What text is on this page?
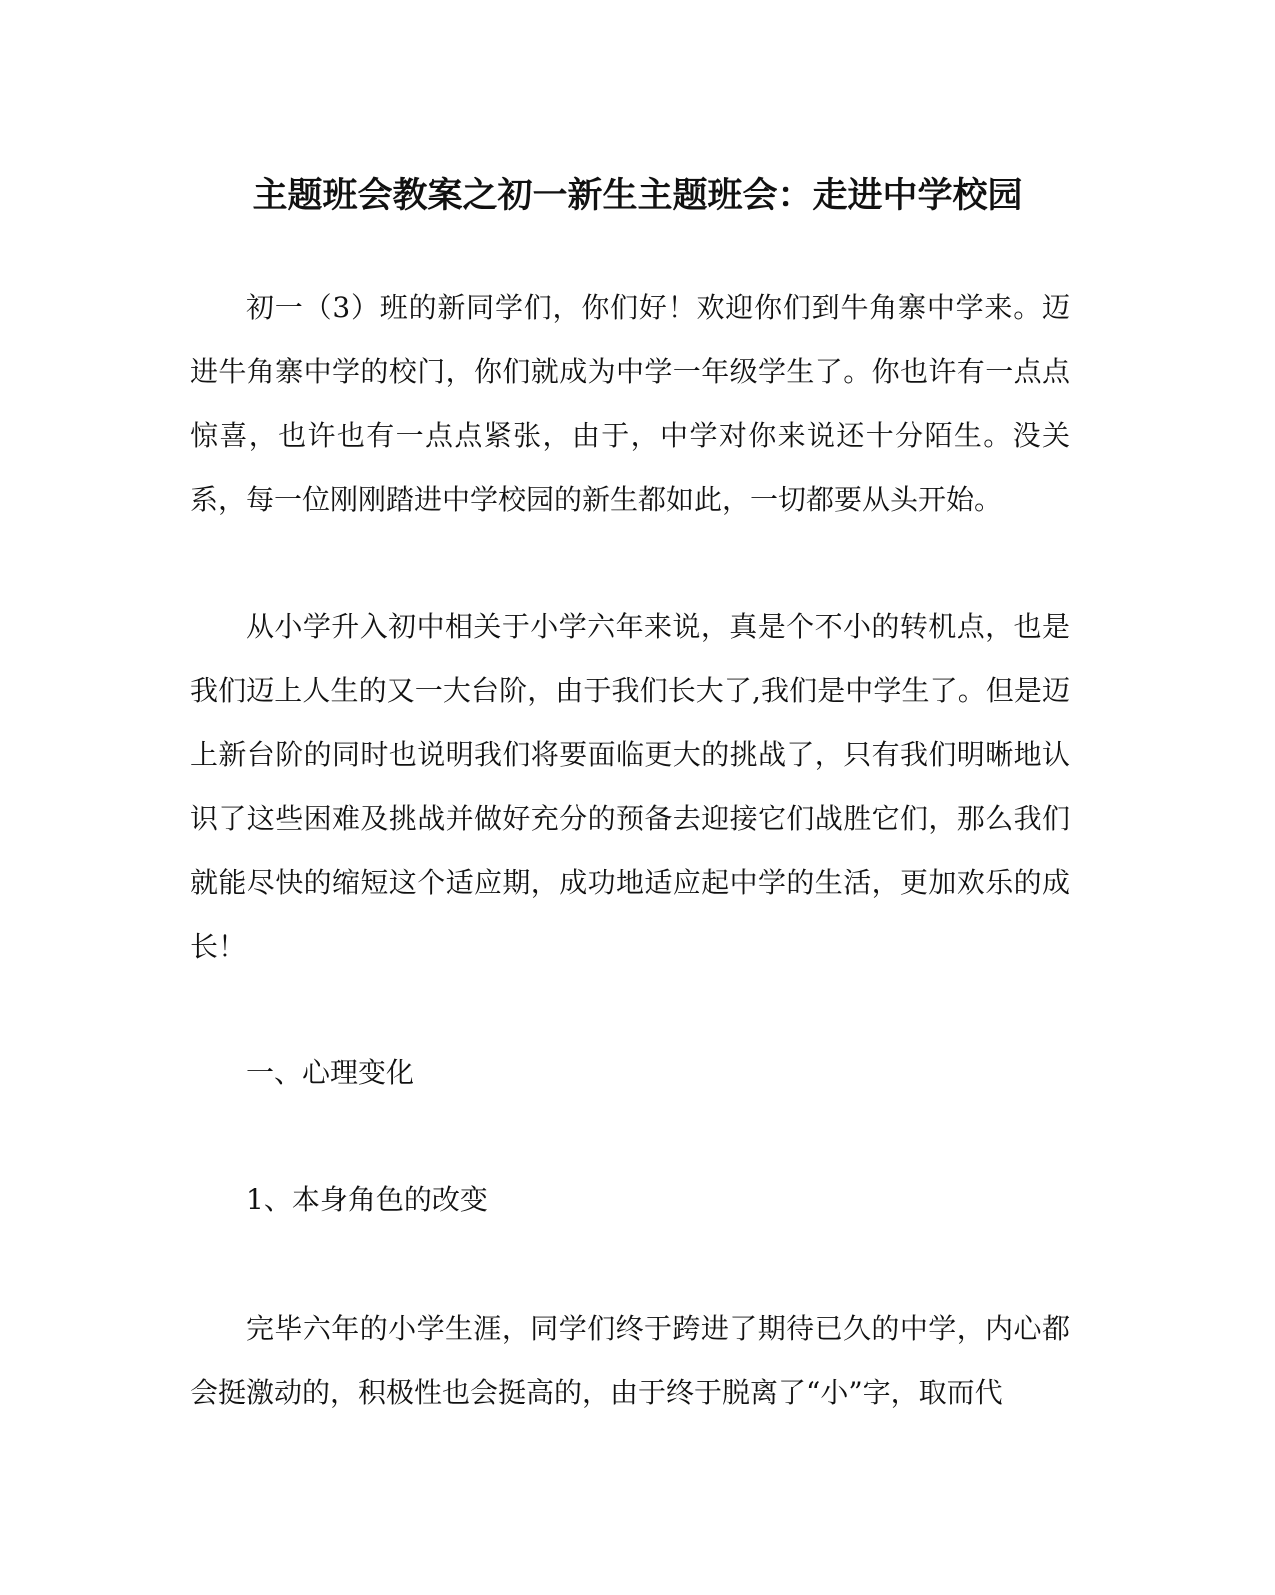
主题班会教案之初一新生主题班会：走进中学校园

初一（3）班的新同学们，你们好！欢迎你们到牛角寨中学来。迈进牛角寨中学的校门，你们就成为中学一年级学生了。你也许有一点点惊喜，也许也有一点点紧张，由于，中学对你来说还十分陌生。没关系，每一位刚刚踏进中学校园的新生都如此，一切都要从头开始。

从小学升入初中相关于小学六年来说，真是个不小的转机点，也是我们迈上人生的又一大台阶，由于我们长大了,我们是中学生了。但是迈上新台阶的同时也说明我们将要面临更大的挑战了，只有我们明晰地认识了这些困难及挑战并做好充分的预备去迎接它们战胜它们，那么我们就能尽快的缩短这个适应期，成功地适应起中学的生活，更加欢乐的成长！

一、心理变化

1、本身角色的改变

完毕六年的小学生涯，同学们终于跨进了期待已久的中学，内心都会挺激动的，积极性也会挺高的，由于终于脱离了“小”字，取而代
